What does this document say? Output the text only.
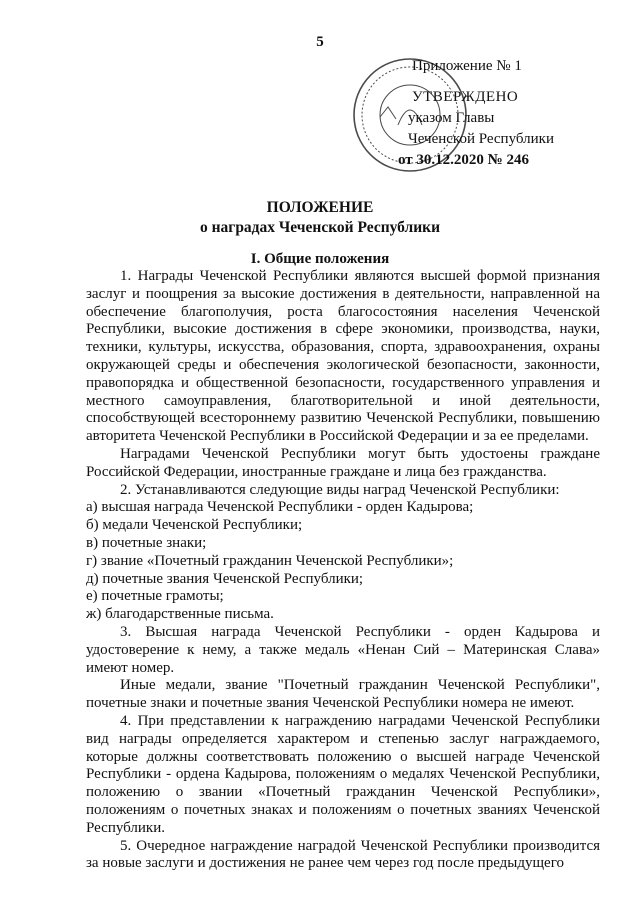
5
Приложение № 1
УТВЕРЖДЕНО
указом Главы
Чеченской Республики
от 30.12.2020 № 246
ПОЛОЖЕНИЕ
о наградах Чеченской Республики
I. Общие положения

1. Награды Чеченской Республики являются высшей формой признания заслуг и поощрения за высокие достижения в деятельности, направленной на обеспечение благополучия, роста благосостояния населения Чеченской Республики, высокие достижения в сфере экономики, производства, науки, техники, культуры, искусства, образования, спорта, здравоохранения, охраны окружающей среды и обеспечения экологической безопасности, законности, правопорядка и общественной безопасности, государственного управления и местного самоуправления, благотворительной и иной деятельности, способствующей всестороннему развитию Чеченской Республики, повышению авторитета Чеченской Республики в Российской Федерации и за ее пределами.

Наградами Чеченской Республики могут быть удостоены граждане Российской Федерации, иностранные граждане и лица без гражданства.

2. Устанавливаются следующие виды наград Чеченской Республики:

а) высшая награда Чеченской Республики - орден Кадырова;

б) медали Чеченской Республики;

в) почетные знаки;

г) звание «Почетный гражданин Чеченской Республики»;

д) почетные звания Чеченской Республики;

е) почетные грамоты;

ж) благодарственные письма.

3. Высшая награда Чеченской Республики - орден Кадырова и удостоверение к нему, а также медаль «Ненан Сий – Материнская Слава» имеют номер.

Иные медали, звание "Почетный гражданин Чеченской Республики", почетные знаки и почетные звания Чеченской Республики номера не имеют.

4. При представлении к награждению наградами Чеченской Республики вид награды определяется характером и степенью заслуг награждаемого, которые должны соответствовать положению о высшей награде Чеченской Республики - ордена Кадырова, положениям о медалях Чеченской Республики, положению о звании «Почетный гражданин Чеченской Республики», положениям о почетных знаках и положениям о почетных званиях Чеченской Республики.

5. Очередное награждение наградой Чеченской Республики производится за новые заслуги и достижения не ранее чем через год после предыдущего
